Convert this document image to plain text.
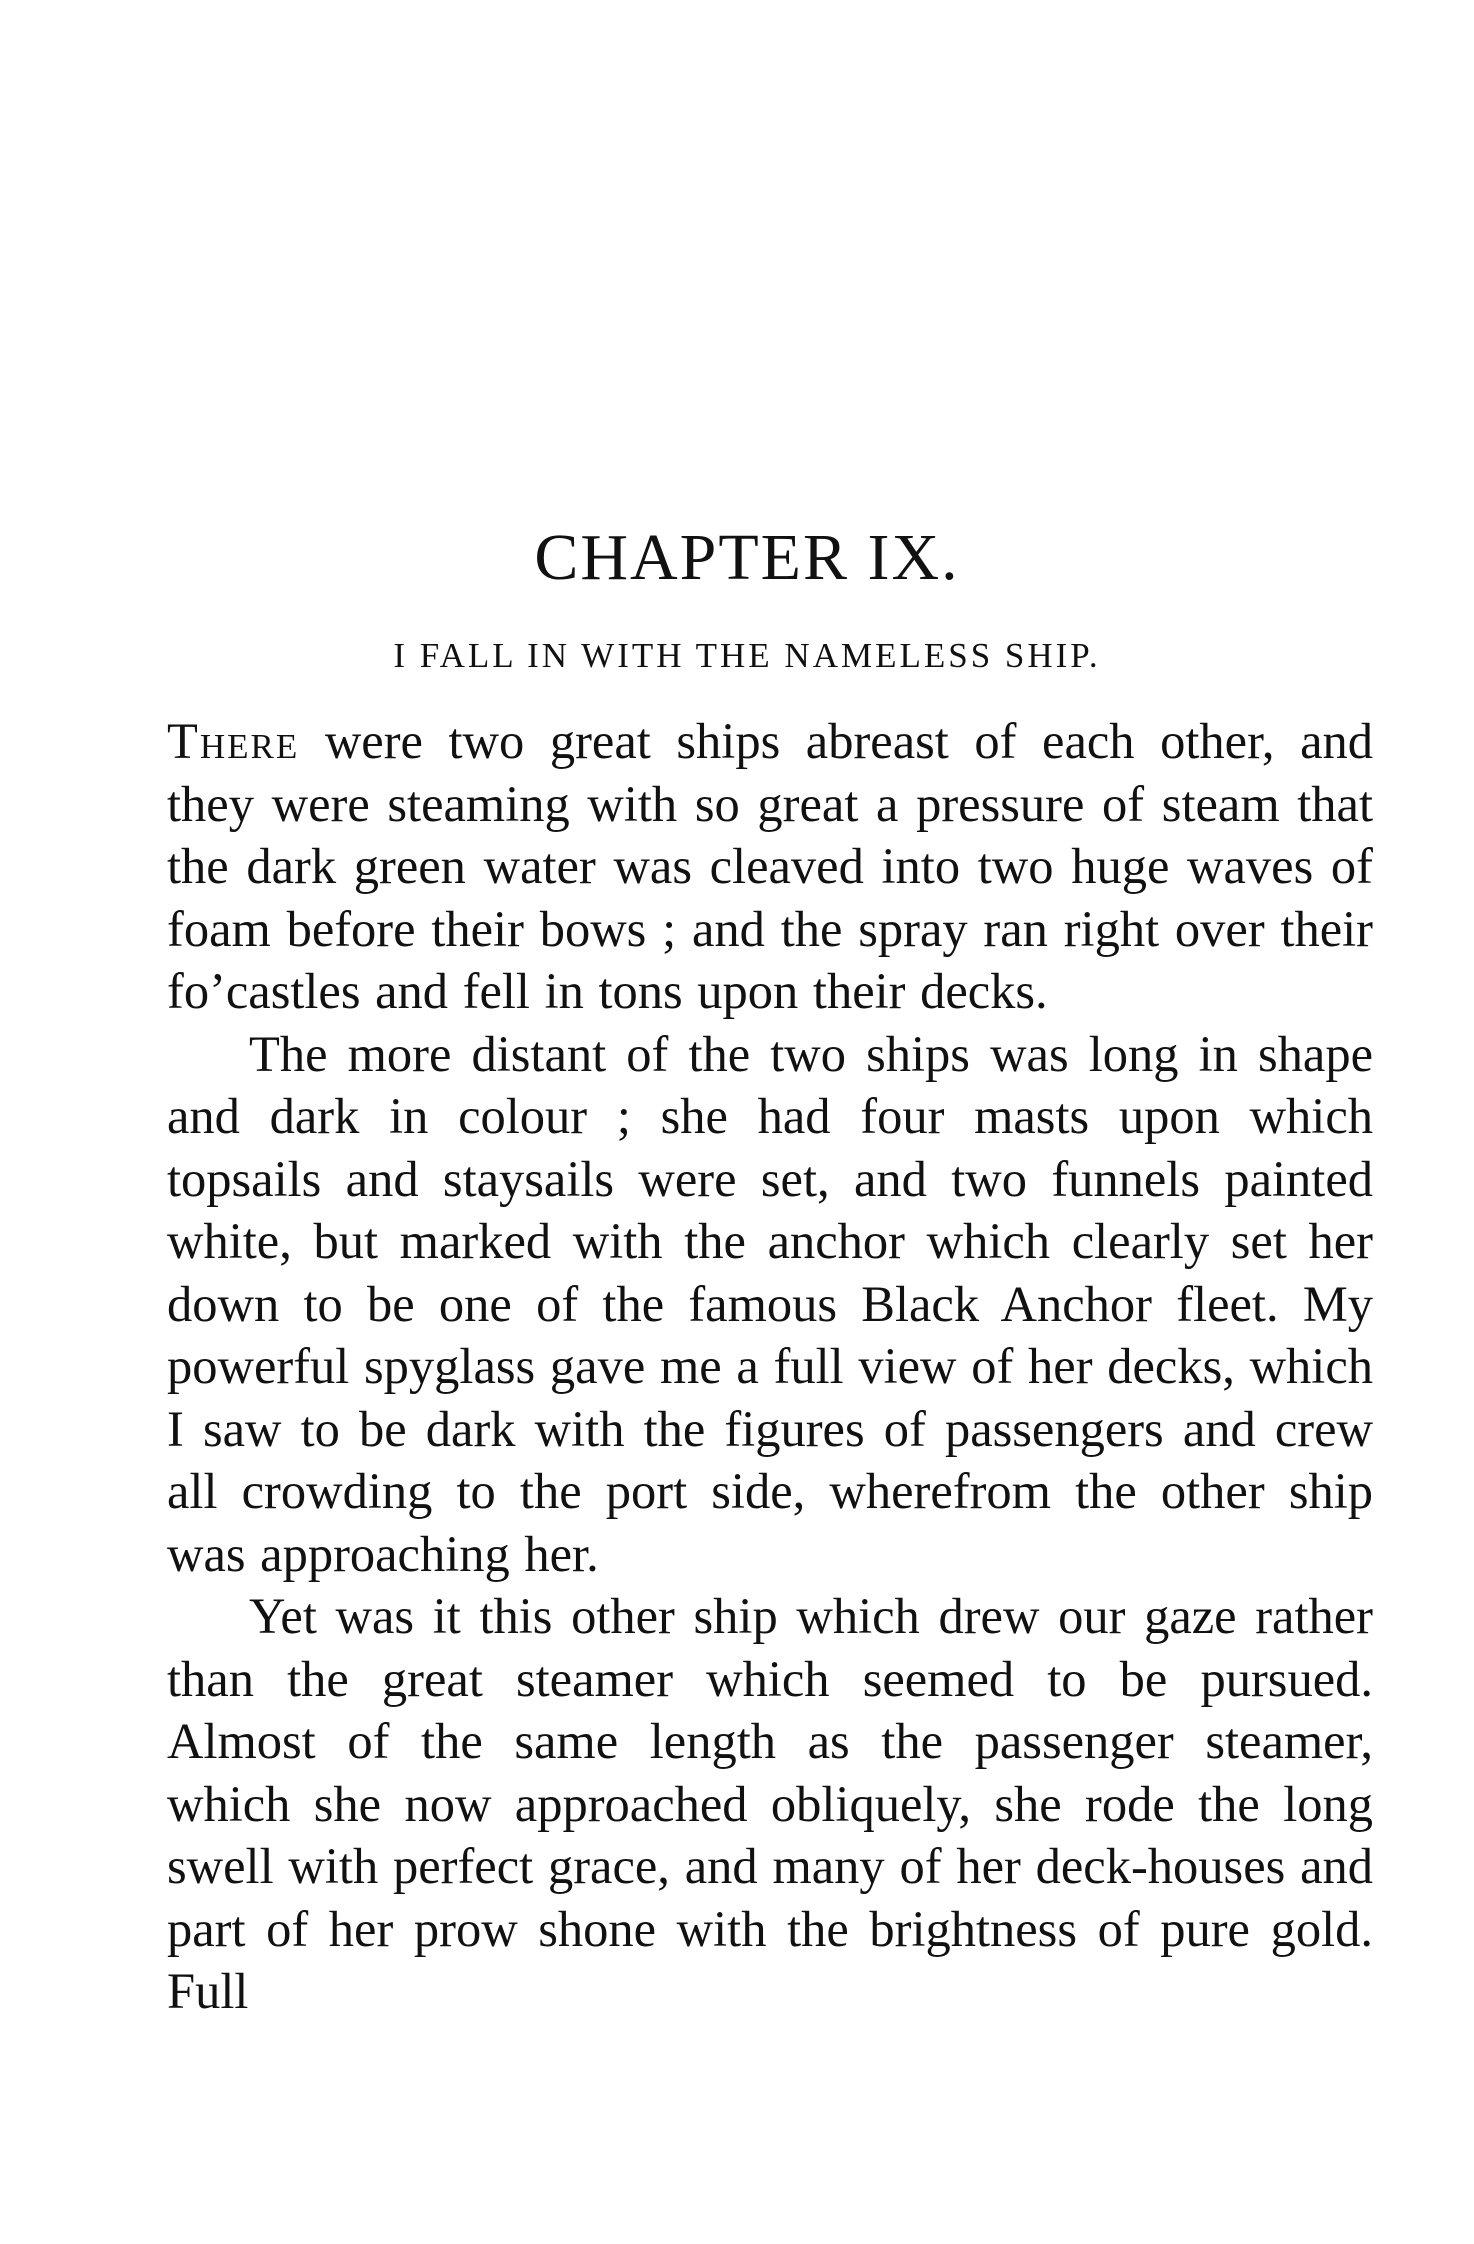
CHAPTER IX.
I FALL IN WITH THE NAMELESS SHIP.

There were two great ships abreast of each other, and they were steaming with so great a pressure of steam that the dark green water was cleaved into two huge waves of foam before their bows ; and the spray ran right over their fo’castles and fell in tons upon their decks.

The more distant of the two ships was long in shape and dark in colour ; she had four masts upon which topsails and staysails were set, and two funnels painted white, but marked with the anchor which clearly set her down to be one of the famous Black Anchor fleet. My powerful spyglass gave me a full view of her decks, which I saw to be dark with the figures of passengers and crew all crowding to the port side, wherefrom the other ship was approaching her.

Yet was it this other ship which drew our gaze rather than the great steamer which seemed to be pursued. Almost of the same length as the passenger steamer, which she now approached obliquely, she rode the long swell with perfect grace, and many of her deck-houses and part of her prow shone with the brightness of pure gold. Full
